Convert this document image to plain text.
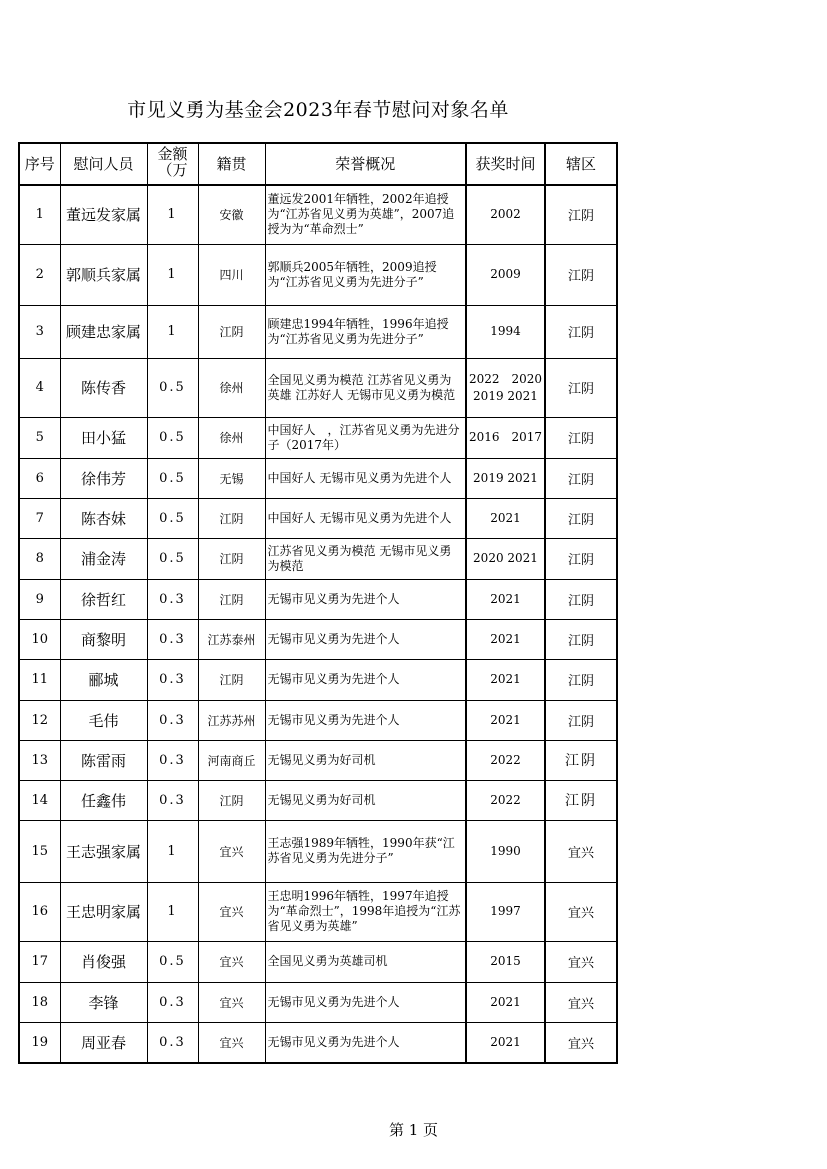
市见义勇为基金会2023年春节慰问对象名单
序号	慰问人员	金额（万	籍贯	荣誉概况	获奖时间	辖区
1	董远发家属	1	安徽	董远发2001年牺牲，2002年追授为“江苏省见义勇为英雄”，2007追授为为“革命烈士”	2002	江阴
2	郭顺兵家属	1	四川	郭顺兵2005年牺牲，2009追授为“江苏省见义勇为先进分子”	2009	江阴
3	顾建忠家属	1	江阴	顾建忠1994年牺牲，1996年追授为“江苏省见义勇为先进分子”	1994	江阴
4	陈传香	0.5	徐州	全国见义勇为模范 江苏省见义勇为英雄 江苏好人 无锡市见义勇为模范	2022　2020 2019 2021	江阴
5	田小猛	0.5	徐州	中国好人　，江苏省见义勇为先进分子（2017年）	2016　2017	江阴
6	徐伟芳	0.5	无锡	中国好人 无锡市见义勇为先进个人	2019 2021	江阴
7	陈杏妹	0.5	江阴	中国好人 无锡市见义勇为先进个人	2021	江阴
8	浦金涛	0.5	江阴	江苏省见义勇为模范 无锡市见义勇为模范	2020 2021	江阴
9	徐哲红	0.3	江阴	无锡市见义勇为先进个人	2021	江阴
10	商黎明	0.3	江苏泰州	无锡市见义勇为先进个人	2021	江阴
11	郦城	0.3	江阴	无锡市见义勇为先进个人	2021	江阴
12	毛伟	0.3	江苏苏州	无锡市见义勇为先进个人	2021	江阴
13	陈雷雨	0.3	河南商丘	无锡见义勇为好司机	2022	江阴
14	任鑫伟	0.3	江阴	无锡见义勇为好司机	2022	江阴
15	王志强家属	1	宜兴	王志强1989年牺牲，1990年获“江苏省见义勇为先进分子”	1990	宜兴
16	王忠明家属	1	宜兴	王忠明1996年牺牲，1997年追授为“革命烈士”，1998年追授为“江苏省见义勇为英雄”	1997	宜兴
17	肖俊强	0.5	宜兴	全国见义勇为英雄司机	2015	宜兴
18	李锋	0.3	宜兴	无锡市见义勇为先进个人	2021	宜兴
19	周亚春	0.3	宜兴	无锡市见义勇为先进个人	2021	宜兴
第 1 页
